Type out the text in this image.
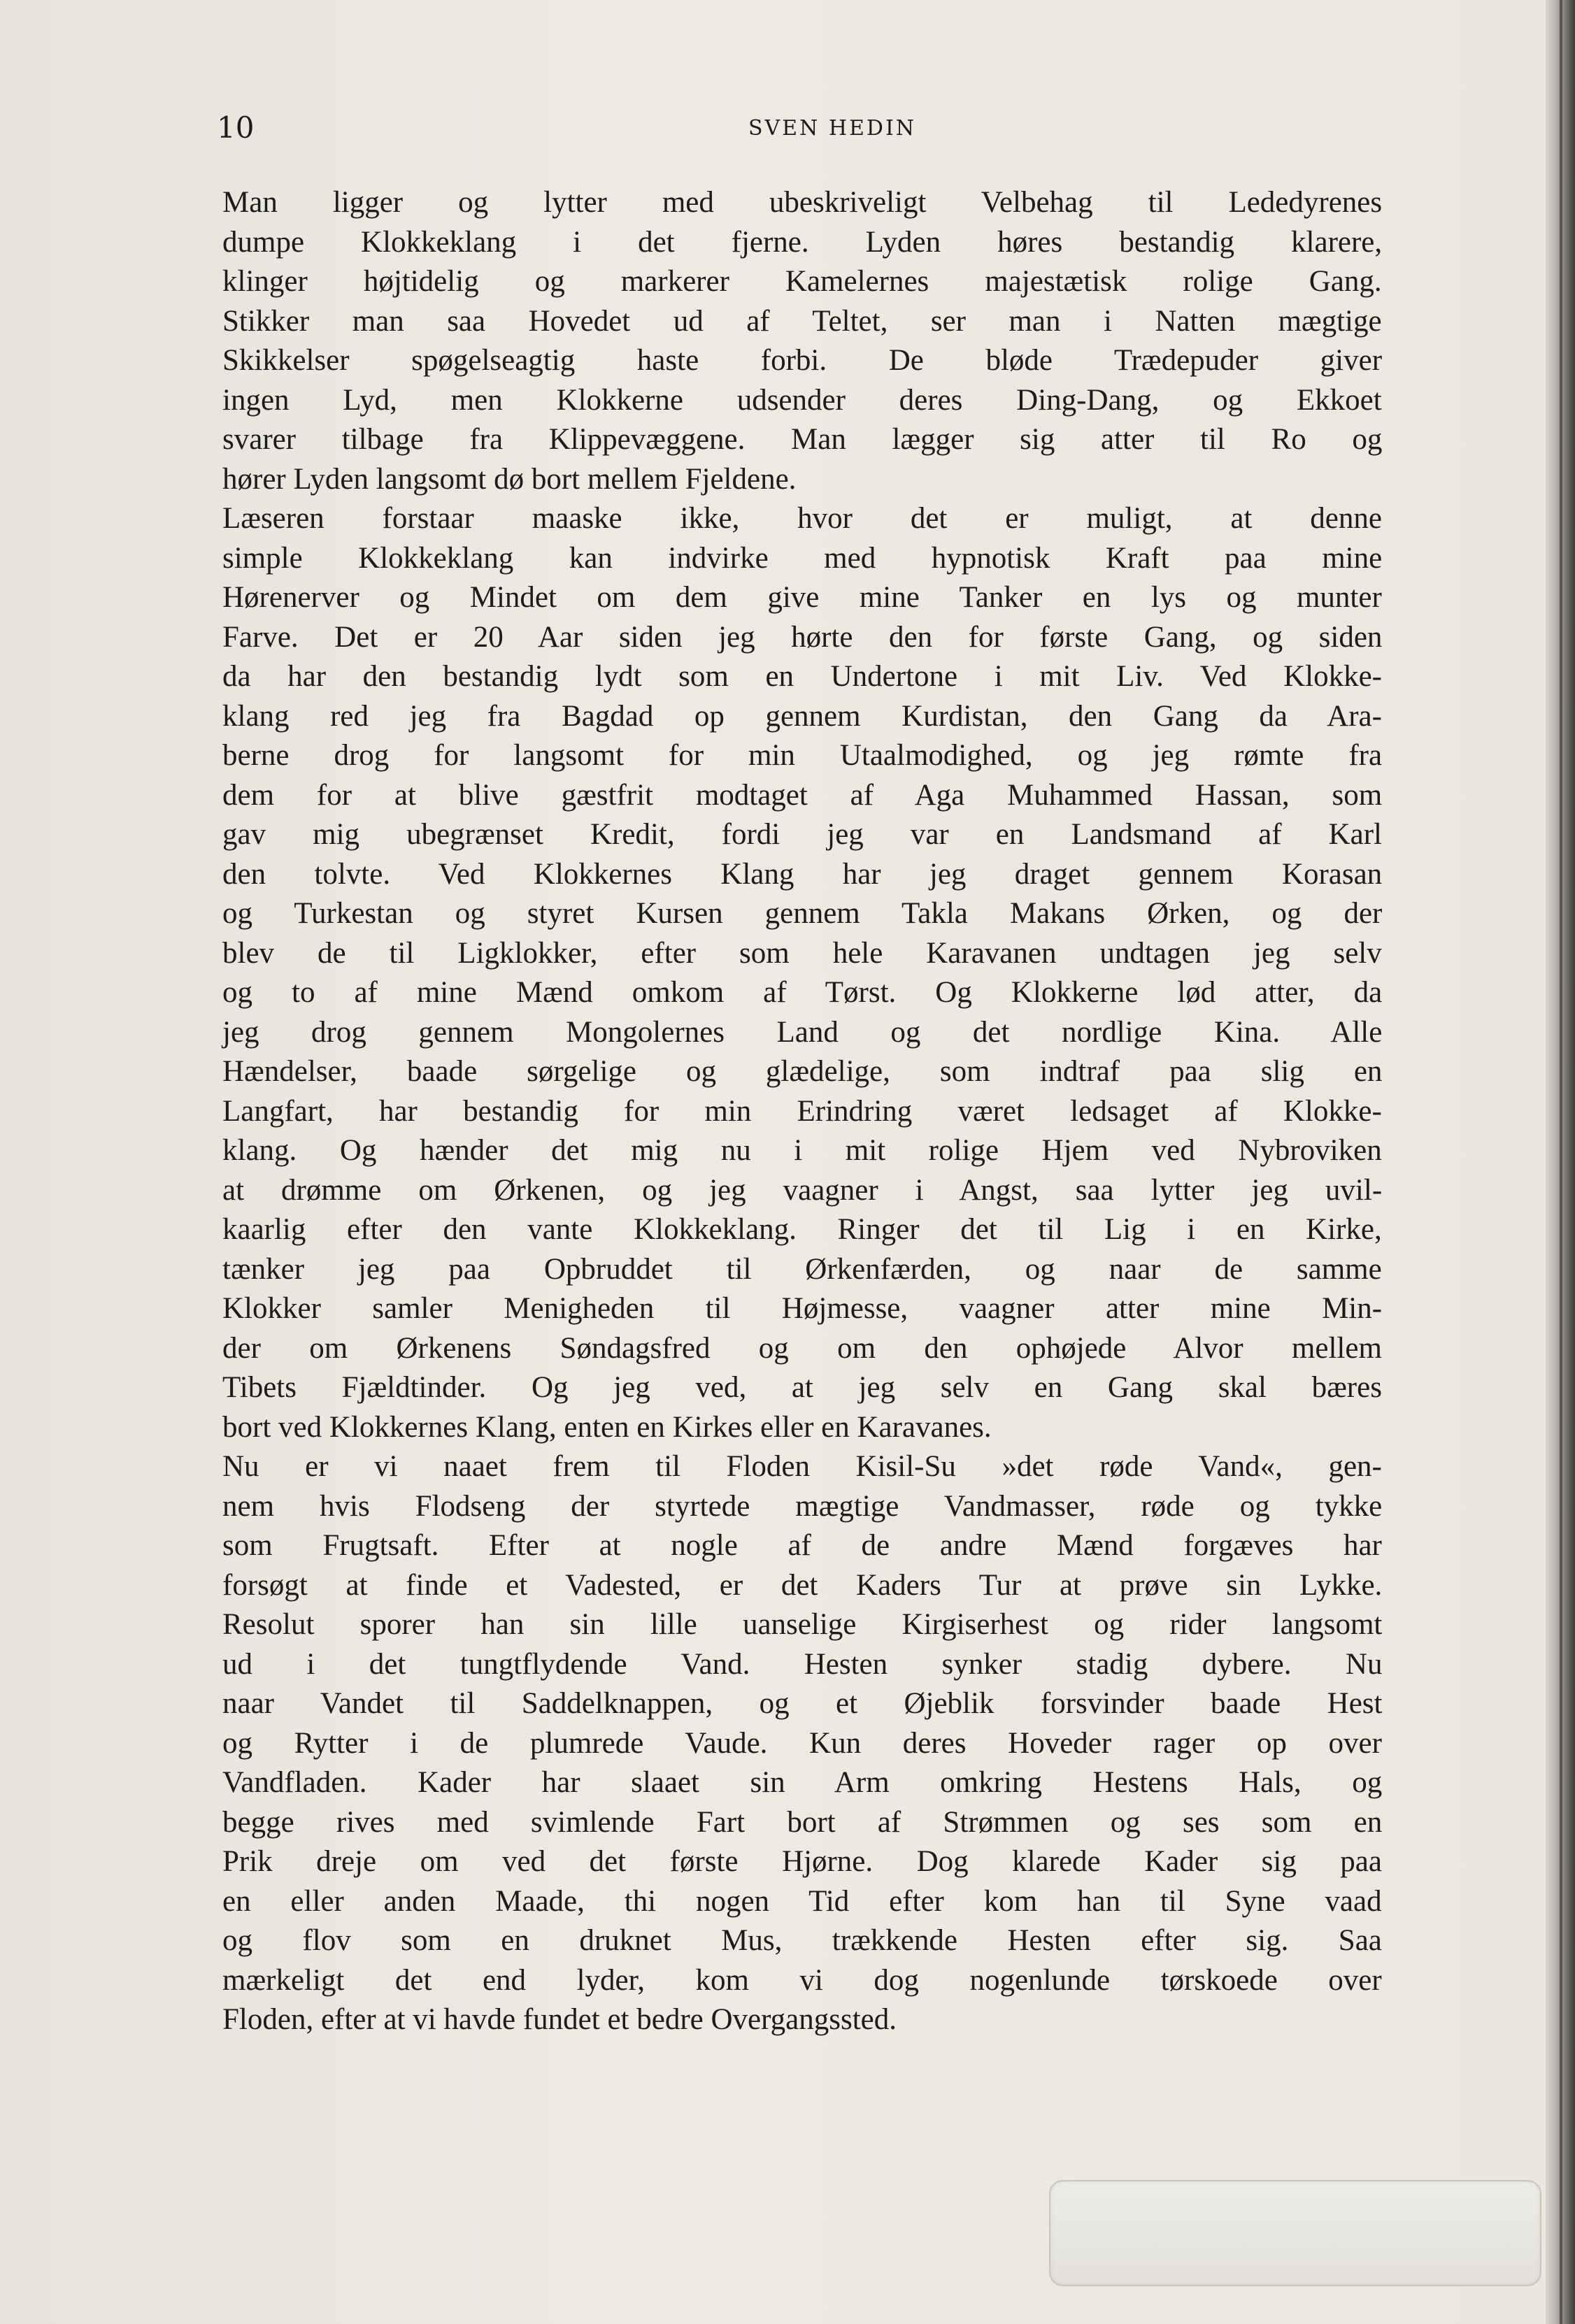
10	SVEN HEDIN
Man ligger og lytter med ubeskriveligt Velbehag til Lededyrenes
dumpe Klokkeklang i det fjerne. Lyden høres bestandig klarere,
klinger højtidelig og markerer Kamelernes majestætisk rolige Gang.
Stikker man saa Hovedet ud af Teltet, ser man i Natten mægtige
Skikkelser spøgelseagtig haste forbi. De bløde Trædepuder giver
ingen Lyd, men Klokkerne udsender deres Ding-Dang, og Ekkoet
svarer tilbage fra Klippevæggene. Man lægger sig atter til Ro og
hører Lyden langsomt dø bort mellem Fjeldene.
Læseren forstaar maaske ikke, hvor det er muligt, at denne
simple Klokkeklang kan indvirke med hypnotisk Kraft paa mine
Hørenerver og Mindet om dem give mine Tanker en lys og munter
Farve. Det er 20 Aar siden jeg hørte den for første Gang, og siden
da har den bestandig lydt som en Undertone i mit Liv. Ved Klokke-
klang red jeg fra Bagdad op gennem Kurdistan, den Gang da Ara-
berne drog for langsomt for min Utaalmodighed, og jeg rømte fra
dem for at blive gæstfrit modtaget af Aga Muhammed Hassan, som
gav mig ubegrænset Kredit, fordi jeg var en Landsmand af Karl
den tolvte. Ved Klokkernes Klang har jeg draget gennem Korasan
og Turkestan og styret Kursen gennem Takla Makans Ørken, og der
blev de til Ligklokker, efter som hele Karavanen undtagen jeg selv
og to af mine Mænd omkom af Tørst. Og Klokkerne lød atter, da
jeg drog gennem Mongolernes Land og det nordlige Kina. Alle
Hændelser, baade sørgelige og glædelige, som indtraf paa slig en
Langfart, har bestandig for min Erindring været ledsaget af Klokke-
klang. Og hænder det mig nu i mit rolige Hjem ved Nybroviken
at drømme om Ørkenen, og jeg vaagner i Angst, saa lytter jeg uvil-
kaarlig efter den vante Klokkeklang. Ringer det til Lig i en Kirke,
tænker jeg paa Opbruddet til Ørkenfærden, og naar de samme
Klokker samler Menigheden til Højmesse, vaagner atter mine Min-
der om Ørkenens Søndagsfred og om den ophøjede Alvor mellem
Tibets Fjældtinder. Og jeg ved, at jeg selv en Gang skal bæres
bort ved Klokkernes Klang, enten en Kirkes eller en Karavanes.
Nu er vi naaet frem til Floden Kisil-Su »det røde Vand«, gen-
nem hvis Flodseng der styrtede mægtige Vandmasser, røde og tykke
som Frugtsaft. Efter at nogle af de andre Mænd forgæves har
forsøgt at finde et Vadested, er det Kaders Tur at prøve sin Lykke.
Resolut sporer han sin lille uanselige Kirgiserhest og rider langsomt
ud i det tungtflydende Vand. Hesten synker stadig dybere. Nu
naar Vandet til Saddelknappen, og et Øjeblik forsvinder baade Hest
og Rytter i de plumrede Vaude. Kun deres Hoveder rager op over
Vandfladen. Kader har slaaet sin Arm omkring Hestens Hals, og
begge rives med svimlende Fart bort af Strømmen og ses som en
Prik dreje om ved det første Hjørne. Dog klarede Kader sig paa
en eller anden Maade, thi nogen Tid efter kom han til Syne vaad
og flov som en druknet Mus, trækkende Hesten efter sig. Saa
mærkeligt det end lyder, kom vi dog nogenlunde tørskoede over
Floden, efter at vi havde fundet et bedre Overgangssted.
